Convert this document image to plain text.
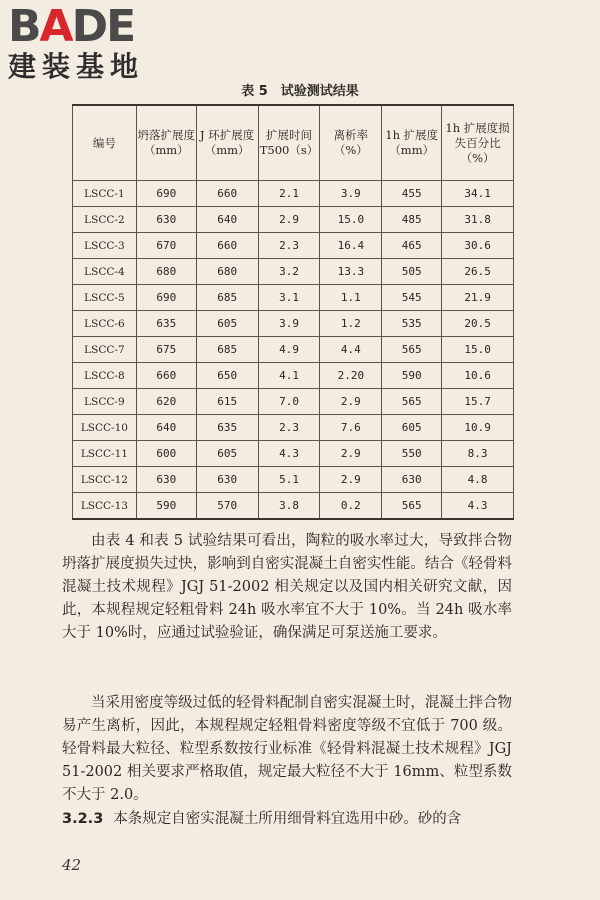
BADE
建装基地
表 5　试验测试结果
编号	坍落扩展度（mm）	J 环扩展度（mm）	扩展时间 T500（s）	离析率（%）	1h 扩展度（mm）	1h 扩展度损失百分比（%）
LSCC-1	690	660	2.1	3.9	455	34.1
LSCC-2	630	640	2.9	15.0	485	31.8
LSCC-3	670	660	2.3	16.4	465	30.6
LSCC-4	680	680	3.2	13.3	505	26.5
LSCC-5	690	685	3.1	1.1	545	21.9
LSCC-6	635	605	3.9	1.2	535	20.5
LSCC-7	675	685	4.9	4.4	565	15.0
LSCC-8	660	650	4.1	2.20	590	10.6
LSCC-9	620	615	7.0	2.9	565	15.7
LSCC-10	640	635	2.3	7.6	605	10.9
LSCC-11	600	605	4.3	2.9	550	8.3
LSCC-12	630	630	5.1	2.9	630	4.8
LSCC-13	590	570	3.8	0.2	565	4.3

由表 4 和表 5 试验结果可看出，陶粒的吸水率过大，导致拌合物坍落扩展度损失过快，影响到自密实混凝土自密实性能。结合《轻骨料混凝土技术规程》JGJ 51-2002 相关规定以及国内相关研究文献，因此，本规程规定轻粗骨料 24h 吸水率宜不大于 10%。当 24h 吸水率大于 10%时，应通过试验验证，确保满足可泵送施工要求。

当采用密度等级过低的轻骨料配制自密实混凝土时，混凝土拌合物易产生离析，因此，本规程规定轻粗骨料密度等级不宜低于 700 级。轻骨料最大粒径、粒型系数按行业标准《轻骨料混凝土技术规程》JGJ 51-2002 相关要求严格取值，规定最大粒径不大于 16mm、粒型系数不大于 2.0。

3.2.3 本条规定自密实混凝土所用细骨料宜选用中砂。砂的含

42
